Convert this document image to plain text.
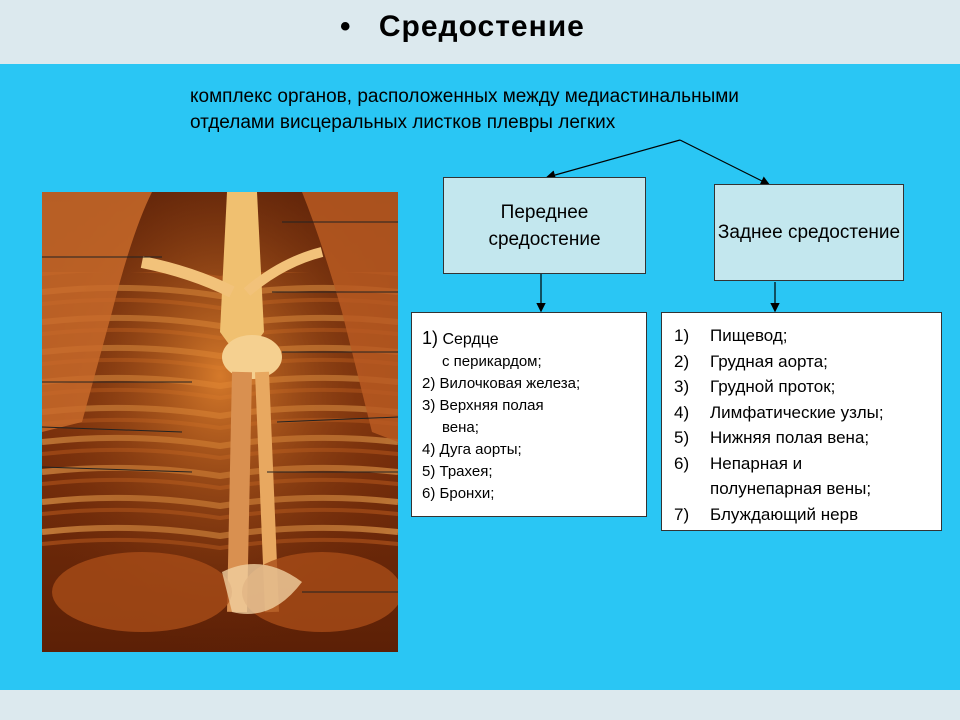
• Средостение
комплекс органов, расположенных между медиастинальными отделами висцеральных листков плевры легких
Переднее средостение	Заднее средостение
1) Сердце
с перикардом;
2) Вилочковая железа;
3) Верхняя полая
вена;
4) Дуга аорты;
5) Трахея;
6) Бронхи;
1)	Пищевод;
2)	Грудная аорта;
3)	Грудной проток;
4)	Лимфатические узлы;
5)	Нижняя полая вена;
6)	Непарная и
полунепарная вены;
7)	Блуждающий нерв
